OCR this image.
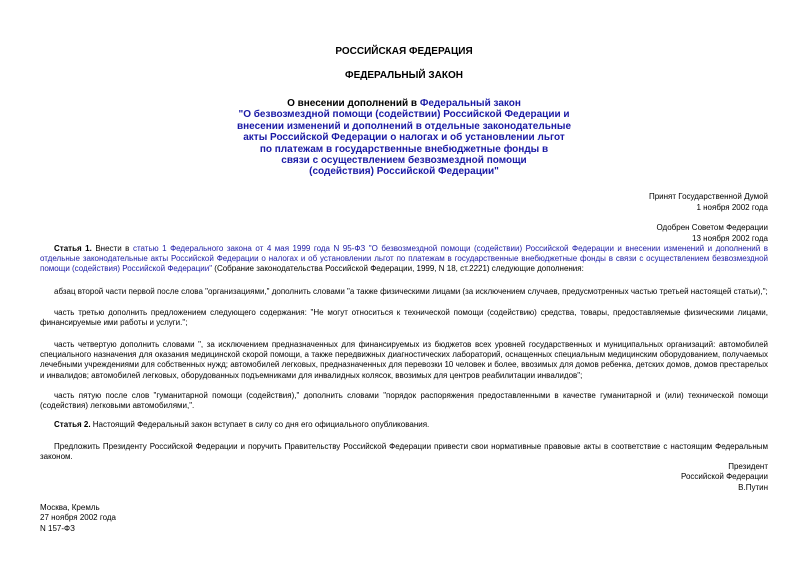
РОССИЙСКАЯ ФЕДЕРАЦИЯ
ФЕДЕРАЛЬНЫЙ ЗАКОН
О внесении дополнений в Федеральный закон
"О безвозмездной помощи (содействии) Российской Федерации и
внесении изменений и дополнений в отдельные законодательные
акты Российской Федерации о налогах и об установлении льгот
по платежам в государственные внебюджетные фонды в
связи с осуществлением безвозмездной помощи
(содействия) Российской Федерации"
Принят Государственной Думой
1 ноября 2002 года
Одобрен Советом Федерации
13 ноября 2002 года
Статья 1. Внести в статью 1 Федерального закона от 4 мая 1999 года N 95-ФЗ "О безвозмездной помощи (содействии) Российской Федерации и внесении изменений и дополнений в отдельные законодательные акты Российской Федерации о налогах и об установлении льгот по платежам в государственные внебюджетные фонды в связи с осуществлением безвозмездной помощи (содействия) Российской Федерации" (Собрание законодательства Российской Федерации, 1999, N 18, ст.2221) следующие дополнения:
абзац второй части первой после слова "организациями," дополнить словами "а также физическими лицами (за исключением случаев, предусмотренных частью третьей настоящей статьи),";
часть третью дополнить предложением следующего содержания: "Не могут относиться к технической помощи (содействию) средства, товары, предоставляемые физическими лицами, финансируемые ими работы и услуги.";
часть четвертую дополнить словами ", за исключением предназначенных для финансируемых из бюджетов всех уровней государственных и муниципальных организаций: автомобилей специального назначения для оказания медицинской скорой помощи, а также передвижных диагностических лабораторий, оснащенных специальным медицинским оборудованием, получаемых лечебными учреждениями для собственных нужд; автомобилей легковых, предназначенных для перевозки 10 человек и более, ввозимых для домов ребенка, детских домов, домов престарелых и инвалидов; автомобилей легковых, оборудованных подъемниками для инвалидных колясок, ввозимых для центров реабилитации инвалидов";
часть пятую после слов "гуманитарной помощи (содействия)," дополнить словами "порядок распоряжения предоставленными в качестве гуманитарной и (или) технической помощи (содействия) легковыми автомобилями,".
Статья 2. Настоящий Федеральный закон вступает в силу со дня его официального опубликования.
Предложить Президенту Российской Федерации и поручить Правительству Российской Федерации привести свои нормативные правовые акты в соответствие с настоящим Федеральным законом.
Президент
Российской Федерации
В.Путин
Москва, Кремль
27 ноября 2002 года
N 157-ФЗ
